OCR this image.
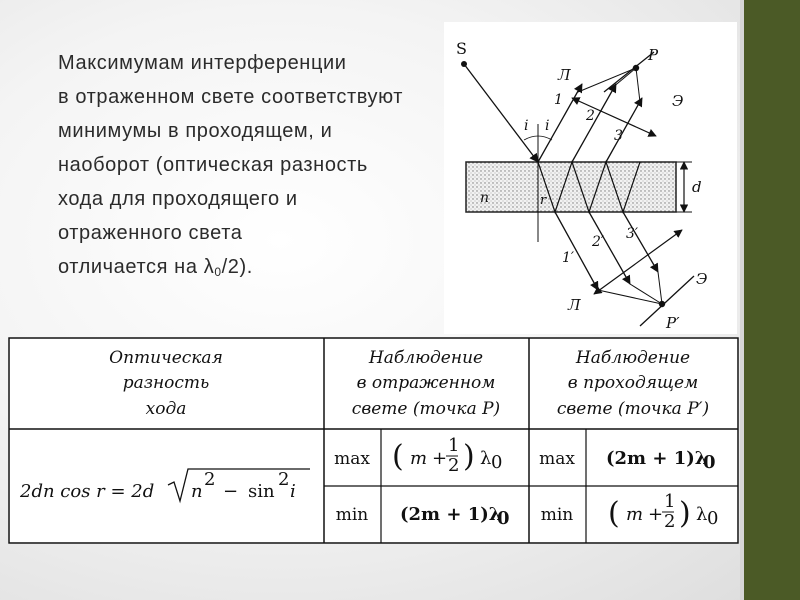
Максимумам интерференции
в отраженном свете соответствуют
минимумы в проходящем, и
наоборот (оптическая разность
хода для проходящего и
отраженного света
отличается на $\lambda_0/2$).
S	P
P′
Л
Л
Э
Э
i i
r
n
d
1
2
3
1′
2′ 3′
Оптическая
разность
хода
Наблюдение
в отраженном
свете (точка P)
Наблюдение
в проходящем
свете (точка P′)
2dn cos r = 2d n
2
− sin
2
i
max ( m +
1
2 ) λ 0 max (2m + 1)λ
0
min (2m + 1)λ
0 min ( m +
1
2 ) λ 0
